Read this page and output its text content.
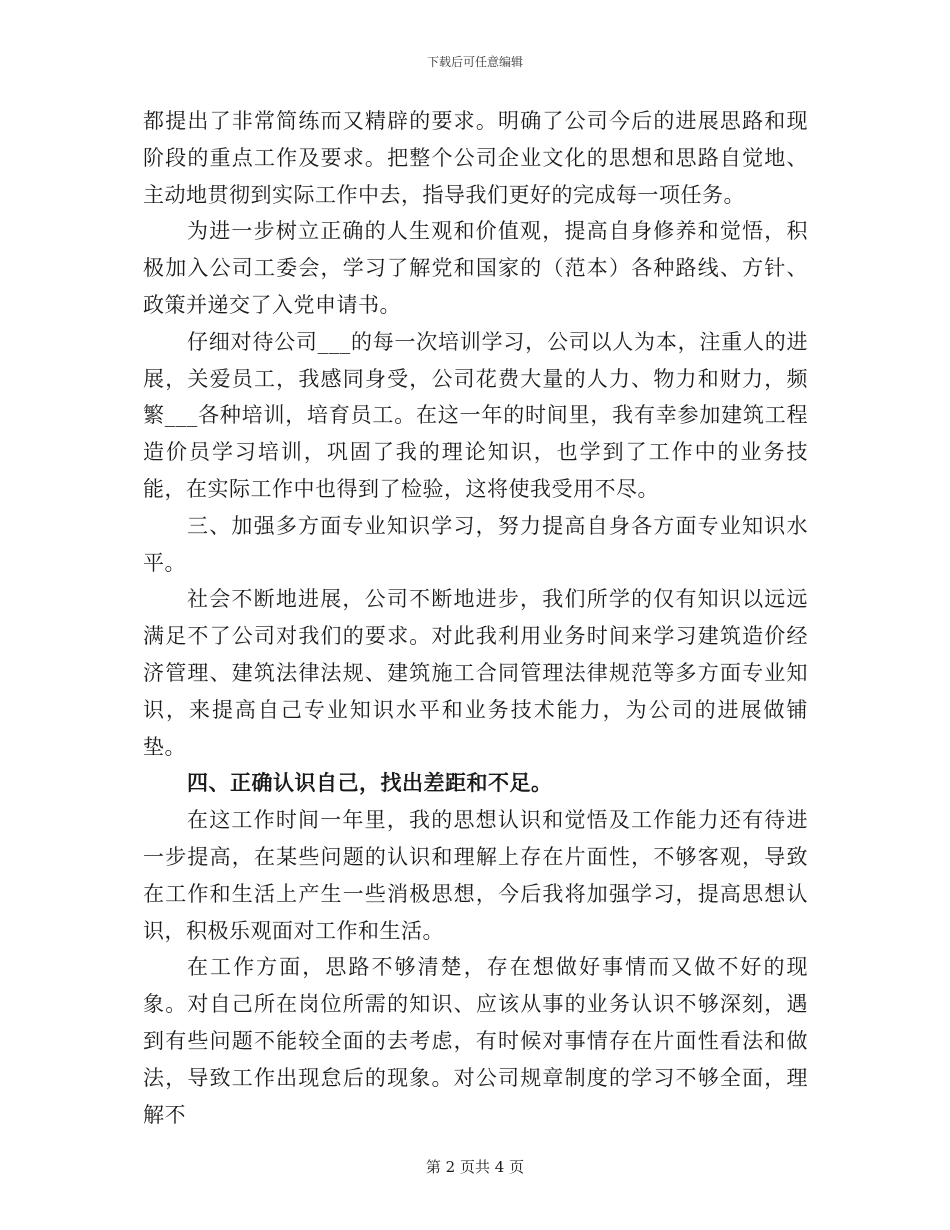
下载后可任意编辑

都提出了非常简练而又精辟的要求。明确了公司今后的进展思路和现阶段的重点工作及要求。把整个公司企业文化的思想和思路自觉地、主动地贯彻到实际工作中去，指导我们更好的完成每一项任务。

为进一步树立正确的人生观和价值观，提高自身修养和觉悟，积极加入公司工委会，学习了解党和国家的（范本）各种路线、方针、政策并递交了入党申请书。

仔细对待公司___的每一次培训学习，公司以人为本，注重人的进展，关爱员工，我感同身受，公司花费大量的人力、物力和财力，频繁___各种培训，培育员工。在这一年的时间里，我有幸参加建筑工程造价员学习培训，巩固了我的理论知识，也学到了工作中的业务技能，在实际工作中也得到了检验，这将使我受用不尽。

三、加强多方面专业知识学习，努力提高自身各方面专业知识水平。

社会不断地进展，公司不断地进步，我们所学的仅有知识以远远满足不了公司对我们的要求。对此我利用业务时间来学习建筑造价经济管理、建筑法律法规、建筑施工合同管理法律规范等多方面专业知识，来提高自己专业知识水平和业务技术能力，为公司的进展做铺垫。

四、正确认识自己，找出差距和不足。

在这工作时间一年里，我的思想认识和觉悟及工作能力还有待进一步提高，在某些问题的认识和理解上存在片面性，不够客观，导致在工作和生活上产生一些消极思想，今后我将加强学习，提高思想认识，积极乐观面对工作和生活。

在工作方面，思路不够清楚，存在想做好事情而又做不好的现象。对自己所在岗位所需的知识、应该从事的业务认识不够深刻，遇到有些问题不能较全面的去考虑，有时候对事情存在片面性看法和做法，导致工作出现怠后的现象。对公司规章制度的学习不够全面，理解不

第 2 页共 4 页
